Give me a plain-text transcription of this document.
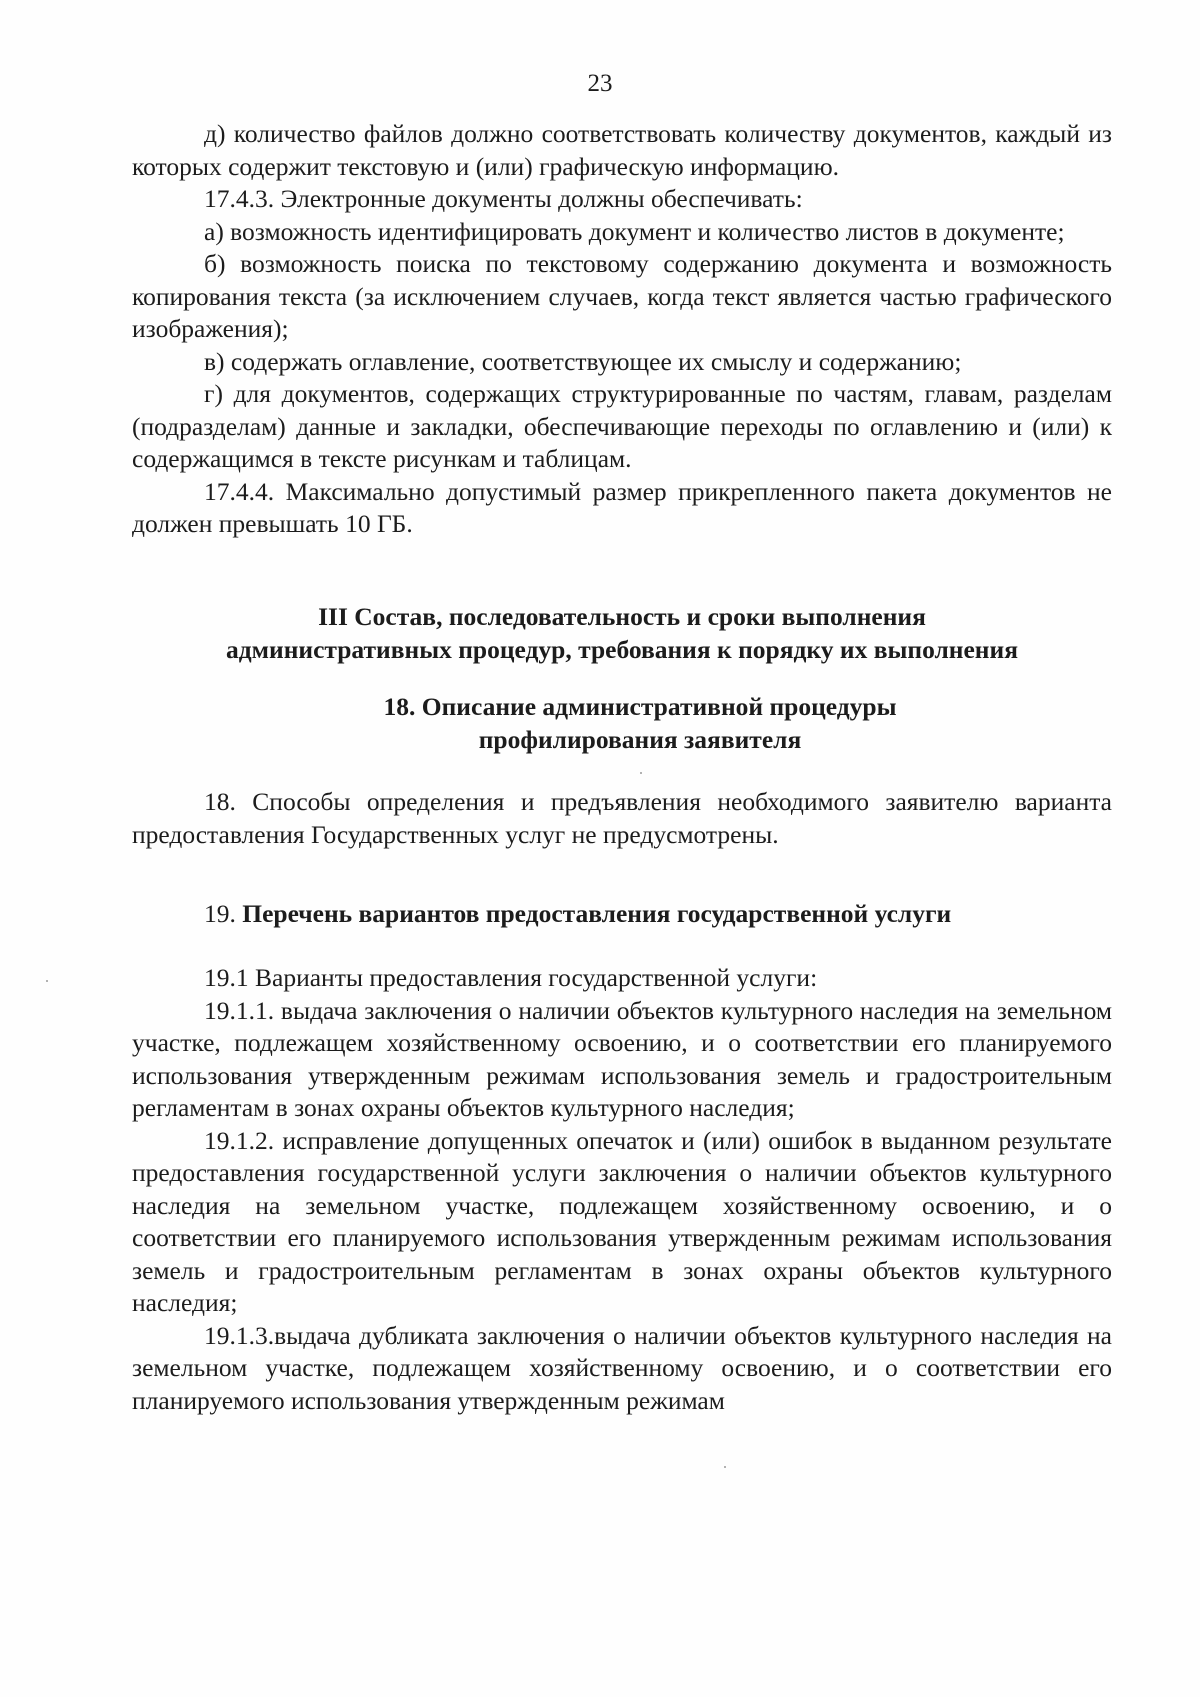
23

д) количество файлов должно соответствовать количеству документов, каждый из которых содержит текстовую и (или) графическую информацию.

17.4.3. Электронные документы должны обеспечивать:

а) возможность идентифицировать документ и количество листов в документе;

б) возможность поиска по текстовому содержанию документа и возможность копирования текста (за исключением случаев, когда текст является частью графического изображения);

в) содержать оглавление, соответствующее их смыслу и содержанию;

г) для документов, содержащих структурированные по частям, главам, разделам (подразделам) данные и закладки, обеспечивающие переходы по оглавлению и (или) к содержащимся в тексте рисункам и таблицам.

17.4.4. Максимально допустимый размер прикрепленного пакета документов не должен превышать 10 ГБ.

III Состав, последовательность и сроки выполнения
административных процедур, требования к порядку их выполнения
18. Описание административной процедуры
профилирования заявителя

18. Способы определения и предъявления необходимого заявителю варианта предоставления Государственных услуг не предусмотрены.

19. Перечень вариантов предоставления государственной услуги

19.1 Варианты предоставления государственной услуги:

19.1.1. выдача заключения о наличии объектов культурного наследия на земельном участке, подлежащем хозяйственному освоению, и о соответствии его планируемого использования утвержденным режимам использования земель и градостроительным регламентам в зонах охраны объектов культурного наследия;

19.1.2. исправление допущенных опечаток и (или) ошибок в выданном результате предоставления государственной услуги заключения о наличии объектов культурного наследия на земельном участке, подлежащем хозяйственному освоению, и о соответствии его планируемого использования утвержденным режимам использования земель и градостроительным регламентам в зонах охраны объектов культурного наследия;

19.1.3.выдача дубликата заключения о наличии объектов культурного наследия на земельном участке, подлежащем хозяйственному освоению, и о соответствии его планируемого использования утвержденным режимам
